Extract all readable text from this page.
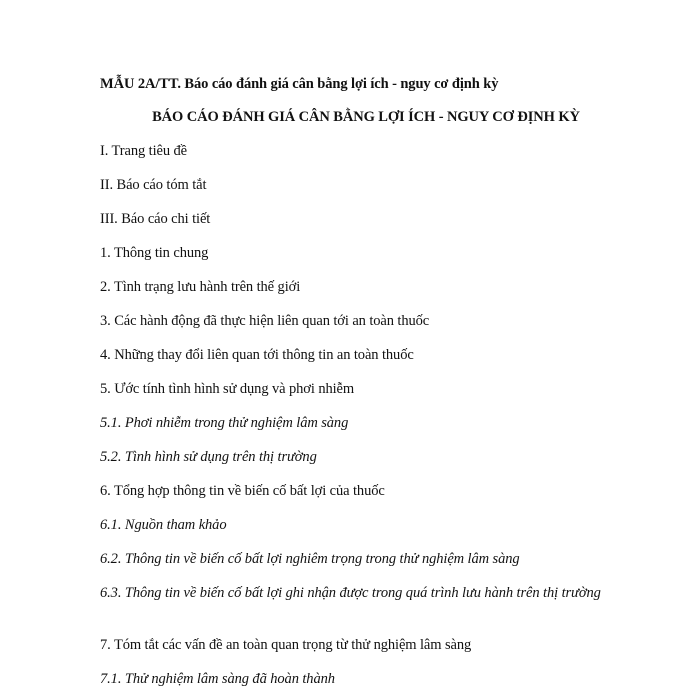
MẪU 2A/TT. Báo cáo đánh giá cân bằng lợi ích - nguy cơ định kỳ
BÁO CÁO ĐÁNH GIÁ CÂN BẰNG LỢI ÍCH - NGUY CƠ ĐỊNH KỲ
I. Trang tiêu đề
II. Báo cáo tóm tắt
III. Báo cáo chi tiết
1. Thông tin chung
2. Tình trạng lưu hành trên thế giới
3. Các hành động đã thực hiện liên quan tới an toàn thuốc
4. Những thay đổi liên quan tới thông tin an toàn thuốc
5. Ước tính tình hình sử dụng và phơi nhiễm
5.1. Phơi nhiễm trong thử nghiệm lâm sàng
5.2. Tình hình sử dụng trên thị trường
6. Tổng hợp thông tin về biến cố bất lợi của thuốc
6.1. Nguồn tham khảo
6.2. Thông tin về biến cố bất lợi nghiêm trọng trong thử nghiệm lâm sàng
6.3. Thông tin về biến cố bất lợi ghi nhận được trong quá trình lưu hành trên thị trường
7. Tóm tắt các vấn đề an toàn quan trọng từ thử nghiệm lâm sàng
7.1. Thử nghiệm lâm sàng đã hoàn thành
